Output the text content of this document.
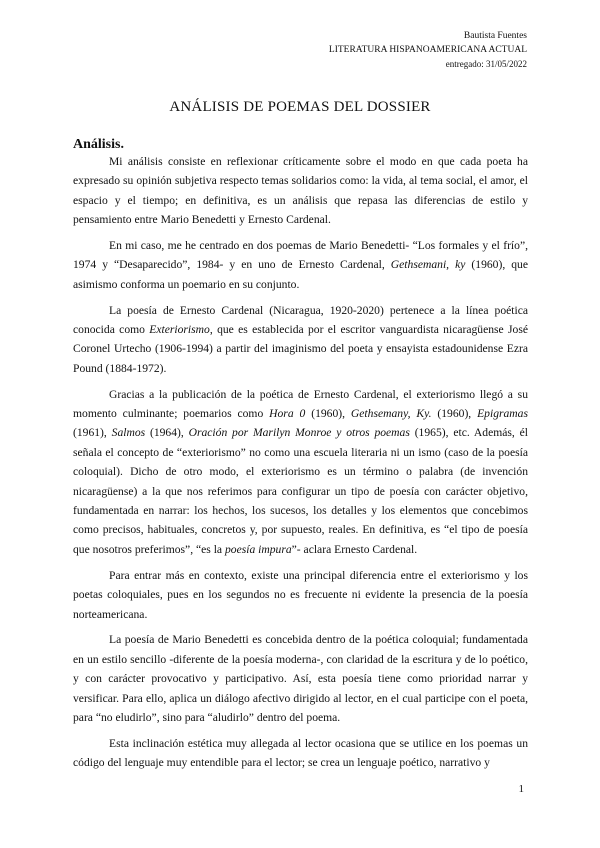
Bautista Fuentes
LITERATURA HISPANOAMERICANA ACTUAL
entregado: 31/05/2022
ANÁLISIS DE POEMAS DEL DOSSIER
Análisis.

Mi análisis consiste en reflexionar críticamente sobre el modo en que cada poeta ha expresado su opinión subjetiva respecto temas solidarios como: la vida, al tema social, el amor, el espacio y el tiempo; en definitiva, es un análisis que repasa las diferencias de estilo y pensamiento entre Mario Benedetti y Ernesto Cardenal.

En mi caso, me he centrado en dos poemas de Mario Benedetti- “Los formales y el frío”, 1974 y “Desaparecido”, 1984- y en uno de Ernesto Cardenal, Gethsemani, ky (1960), que asimismo conforma un poemario en su conjunto.

La poesía de Ernesto Cardenal (Nicaragua, 1920-2020) pertenece a la línea poética conocida como Exteriorismo, que es establecida por el escritor vanguardista nicaragüense José Coronel Urtecho (1906-1994) a partir del imaginismo del poeta y ensayista estadounidense Ezra Pound (1884-1972).

Gracias a la publicación de la poética de Ernesto Cardenal, el exteriorismo llegó a su momento culminante; poemarios como Hora 0 (1960), Gethsemany, Ky. (1960), Epigramas (1961), Salmos (1964), Oración por Marilyn Monroe y otros poemas (1965), etc. Además, él señala el concepto de “exteriorismo” no como una escuela literaria ni un ismo (caso de la poesía coloquial). Dicho de otro modo, el exteriorismo es un término o palabra (de invención nicaragüense) a la que nos referimos para configurar un tipo de poesía con carácter objetivo, fundamentada en narrar: los hechos, los sucesos, los detalles y los elementos que concebimos como precisos, habituales, concretos y, por supuesto, reales. En definitiva, es “el tipo de poesía que nosotros preferimos”, “es la poesía impura”- aclara Ernesto Cardenal.

Para entrar más en contexto, existe una principal diferencia entre el exteriorismo y los poetas coloquiales, pues en los segundos no es frecuente ni evidente la presencia de la poesía norteamericana.

La poesía de Mario Benedetti es concebida dentro de la poética coloquial; fundamentada en un estilo sencillo -diferente de la poesía moderna-, con claridad de la escritura y de lo poético, y con carácter provocativo y participativo. Así, esta poesía tiene como prioridad narrar y versificar. Para ello, aplica un diálogo afectivo dirigido al lector, en el cual participe con el poeta, para “no eludirlo”, sino para “aludirlo” dentro del poema.

Esta inclinación estética muy allegada al lector ocasiona que se utilice en los poemas un código del lenguaje muy entendible para el lector; se crea un lenguaje poético, narrativo y

1
